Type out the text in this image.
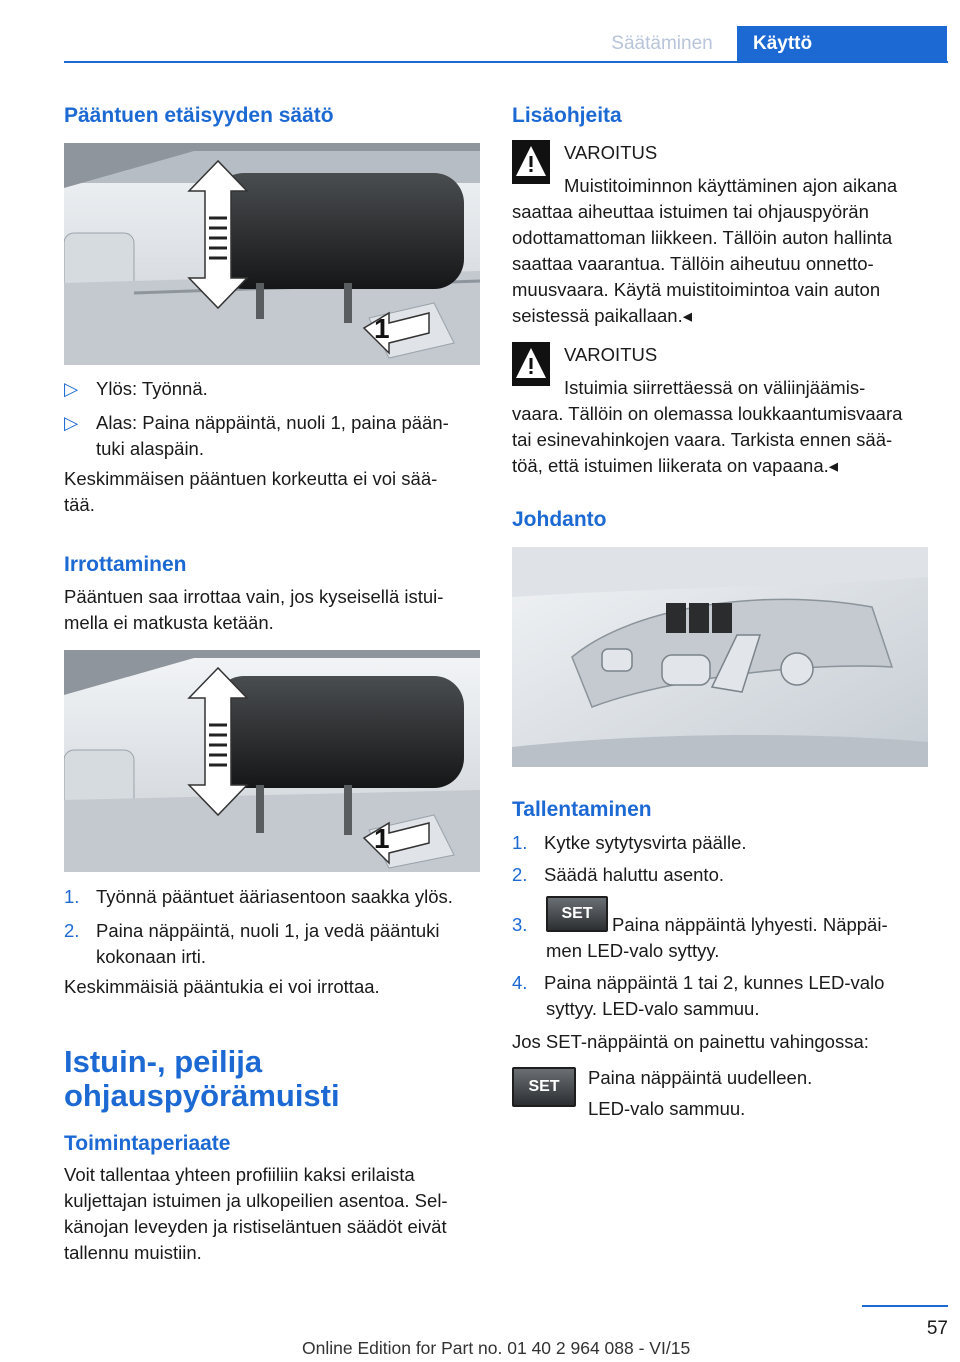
Säätäminen	Käyttö
Pääntuen etäisyyden säätö
1
▷ Ylös: Työnnä.
▷ Alas: Paina näppäintä, nuoli 1, paina pään-
tuki alaspäin.
Keskimmäisen pääntuen korkeutta ei voi sää-
tää.
Irrottaminen
Pääntuen saa irrottaa vain, jos kyseisellä istui-
mella ei matkusta ketään.
1
1. Työnnä pääntuet ääriasentoon saakka ylös.
2. Paina näppäintä, nuoli 1, ja vedä pääntuki
kokonaan irti.
Keskimmäisiä pääntukia ei voi irrottaa.
Istuin-, peilija
ohjauspyörämuisti
Toimintaperiaate
Voit tallentaa yhteen profiiliin kaksi erilaista
kuljettajan istuimen ja ulkopeilien asentoa. Sel-
känojan leveyden ja ristiseläntuen säädöt eivät
tallennu muistiin.
Lisäohjeita
VAROITUS
Muistitoiminnon käyttäminen ajon aikana
saattaa aiheuttaa istuimen tai ohjauspyörän
odottamattoman liikkeen. Tällöin auton hallinta
saattaa vaarantua. Tällöin aiheutuu onnetto-
muusvaara. Käytä muistitoimintoa vain auton
seistessä paikallaan.◂
VAROITUS
Istuimia siirrettäessä on väliinjäämis-
vaara. Tällöin on olemassa loukkaantumisvaara
tai esinevahinkojen vaara. Tarkista ennen sää-
töä, että istuimen liikerata on vapaana.◂
Johdanto
Tallentaminen
1. Kytke sytytysvirta päälle.
2. Säädä haluttu asento.
3.
SET
Paina näppäintä lyhyesti. Näppäi-
men LED-valo syttyy.
4. Paina näppäintä 1 tai 2, kunnes LED-valo
syttyy. LED-valo sammuu.
Jos SET-näppäintä on painettu vahingossa:
SET	Paina näppäintä uudelleen.
LED-valo sammuu.
57
Online Edition for Part no. 01 40 2 964 088 - VI/15
